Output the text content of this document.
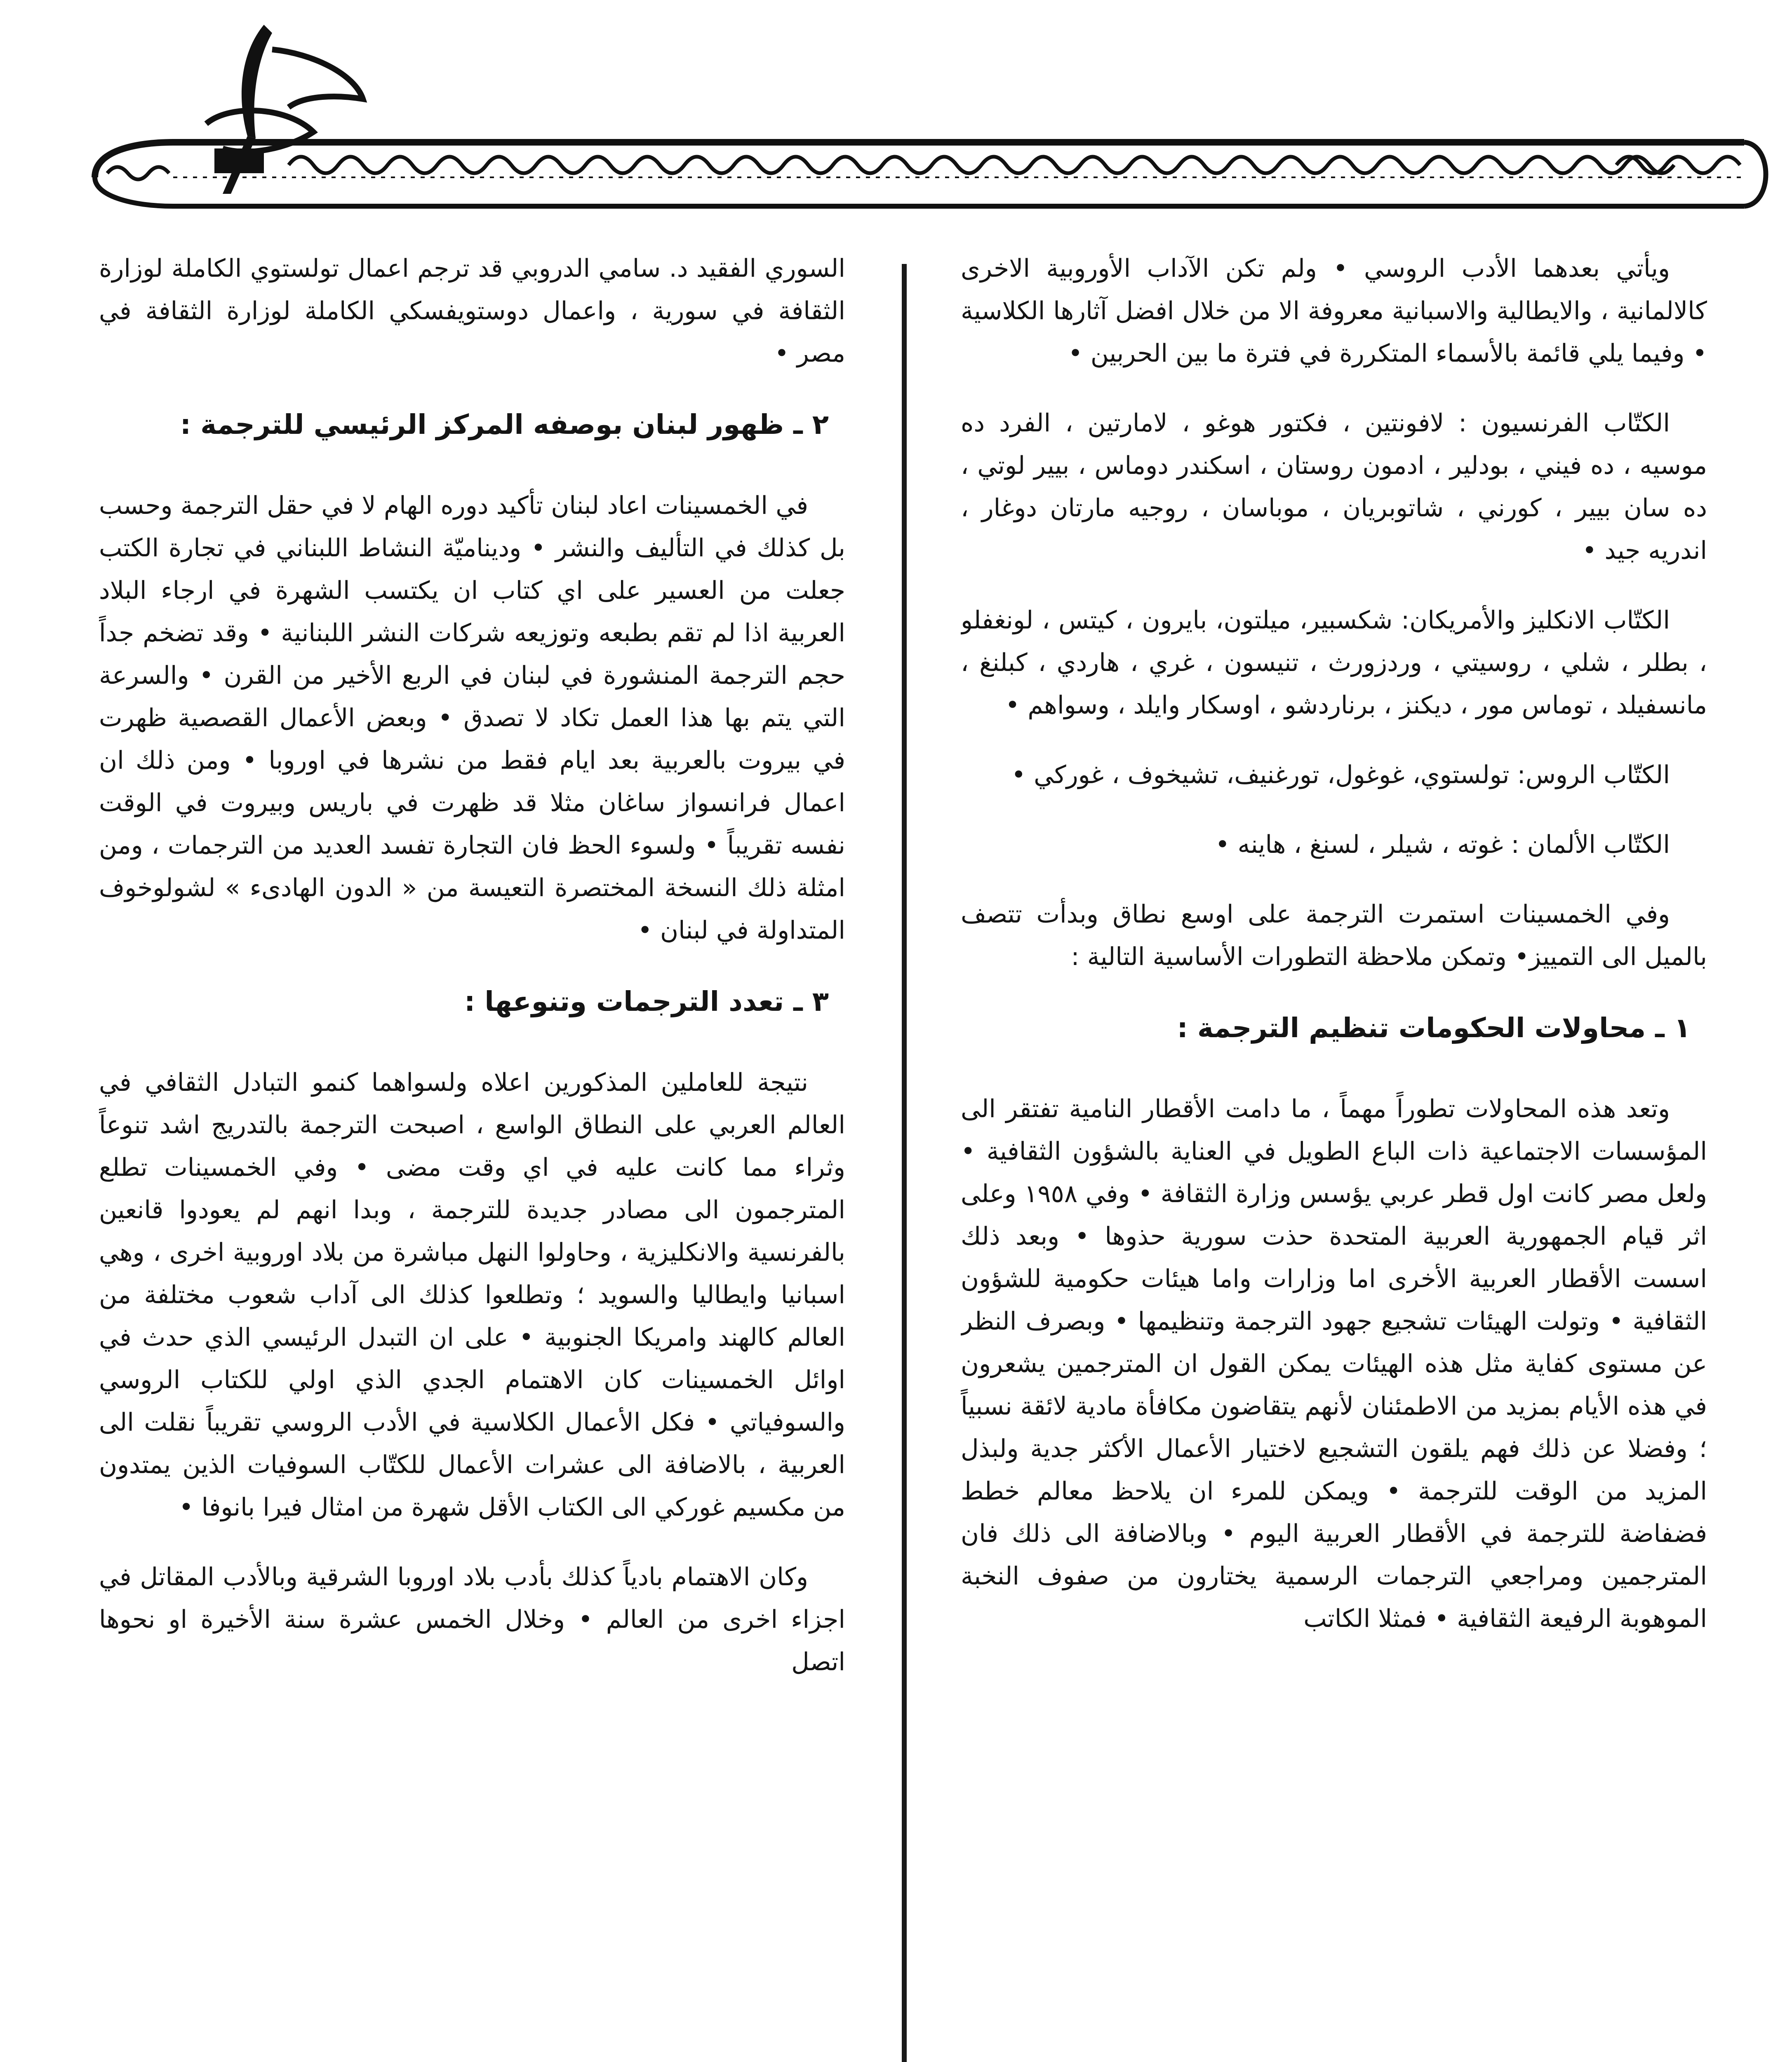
ويأتي بعدهما الأدب الروسي • ولم تكن الآداب الأوروبية الاخرى كالالمانية ، والايطالية والاسبانية معروفة الا من خلال افضل آثارها الكلاسية • وفيما يلي قائمة بالأسماء المتكررة في فترة ما بين الحربين •

الكتّاب الفرنسيون : لافونتين ، فكتور هوغو ، لامارتين ، الفرد ده موسيه ، ده فيني ، بودلير ، ادمون روستان ، اسكندر دوماس ، بيير لوتي ، ده سان بيير ، كورني ، شاتوبريان ، موباسان ، روجيه مارتان دوغار ، اندريه جيد •

الكتّاب الانكليز والأمريكان: شكسبير، ميلتون، بايرون ، كيتس ، لونغفلو ، بطلر ، شلي ، روسيتي ، وردزورث ، تنيسون ، غري ، هاردي ، كبلنغ ، مانسفيلد ، توماس مور ، ديكنز ، برناردشو ، اوسكار وايلد ، وسواهم •

الكتّاب الروس: تولستوي، غوغول، تورغنيف، تشيخوف ، غوركي •

الكتّاب الألمان : غوته ، شيلر ، لسنغ ، هاينه •

وفي الخمسينات استمرت الترجمة على اوسع نطاق وبدأت تتصف بالميل الى التمييز• وتمكن ملاحظة التطورات الأساسية التالية :

١ ـ محاولات الحكومات تنظيم الترجمة :

وتعد هذه المحاولات تطوراً مهماً ، ما دامت الأقطار النامية تفتقر الى المؤسسات الاجتماعية ذات الباع الطويل في العناية بالشؤون الثقافية • ولعل مصر كانت اول قطر عربي يؤسس وزارة الثقافة • وفي ١٩٥٨ وعلى اثر قيام الجمهورية العربية المتحدة حذت سورية حذوها • وبعد ذلك اسست الأقطار العربية الأخرى اما وزارات واما هيئات حكومية للشؤون الثقافية • وتولت الهيئات تشجيع جهود الترجمة وتنظيمها • وبصرف النظر عن مستوى كفاية مثل هذه الهيئات يمكن القول ان المترجمين يشعرون في هذه الأيام بمزيد من الاطمئنان لأنهم يتقاضون مكافأة مادية لائقة نسبياً ؛ وفضلا عن ذلك فهم يلقون التشجيع لاختيار الأعمال الأكثر جدية ولبذل المزيد من الوقت للترجمة • ويمكن للمرء ان يلاحظ معالم خطط فضفاضة للترجمة في الأقطار العربية اليوم • وبالاضافة الى ذلك فان المترجمين ومراجعي الترجمات الرسمية يختارون من صفوف النخبة الموهوبة الرفيعة الثقافية • فمثلا الكاتب

السوري الفقيد د. سامي الدروبي قد ترجم اعمال تولستوي الكاملة لوزارة الثقافة في سورية ، واعمال دوستويفسكي الكاملة لوزارة الثقافة في مصر •

٢ ـ ظهور لبنان بوصفه المركز الرئيسي للترجمة :

في الخمسينات اعاد لبنان تأكيد دوره الهام لا في حقل الترجمة وحسب بل كذلك في التأليف والنشر • وديناميّة النشاط اللبناني في تجارة الكتب جعلت من العسير على اي كتاب ان يكتسب الشهرة في ارجاء البلاد العربية اذا لم تقم بطبعه وتوزيعه شركات النشر اللبنانية • وقد تضخم جداً حجم الترجمة المنشورة في لبنان في الربع الأخير من القرن • والسرعة التي يتم بها هذا العمل تكاد لا تصدق • وبعض الأعمال القصصية ظهرت في بيروت بالعربية بعد ايام فقط من نشرها في اوروبا • ومن ذلك ان اعمال فرانسواز ساغان مثلا قد ظهرت في باريس وبيروت في الوقت نفسه تقريباً • ولسوء الحظ فان التجارة تفسد العديد من الترجمات ، ومن امثلة ذلك النسخة المختصرة التعيسة من « الدون الهادىء » لشولوخوف المتداولة في لبنان •

٣ ـ تعدد الترجمات وتنوعها :

نتيجة للعاملين المذكورين اعلاه ولسواهما كنمو التبادل الثقافي في العالم العربي على النطاق الواسع ، اصبحت الترجمة بالتدريج اشد تنوعاً وثراء مما كانت عليه في اي وقت مضى • وفي الخمسينات تطلع المترجمون الى مصادر جديدة للترجمة ، وبدا انهم لم يعودوا قانعين بالفرنسية والانكليزية ، وحاولوا النهل مباشرة من بلاد اوروبية اخرى ، وهي اسبانيا وايطاليا والسويد ؛ وتطلعوا كذلك الى آداب شعوب مختلفة من العالم كالهند وامريكا الجنوبية • على ان التبدل الرئيسي الذي حدث في اوائل الخمسينات كان الاهتمام الجدي الذي اولي للكتاب الروسي والسوفياتي • فكل الأعمال الكلاسية في الأدب الروسي تقريباً نقلت الى العربية ، بالاضافة الى عشرات الأعمال للكتّاب السوفيات الذين يمتدون من مكسيم غوركي الى الكتاب الأقل شهرة من امثال فيرا بانوفا •

وكان الاهتمام بادياً كذلك بأدب بلاد اوروبا الشرقية وبالأدب المقاتل في اجزاء اخرى من العالم • وخلال الخمس عشرة سنة الأخيرة او نحوها اتصل
